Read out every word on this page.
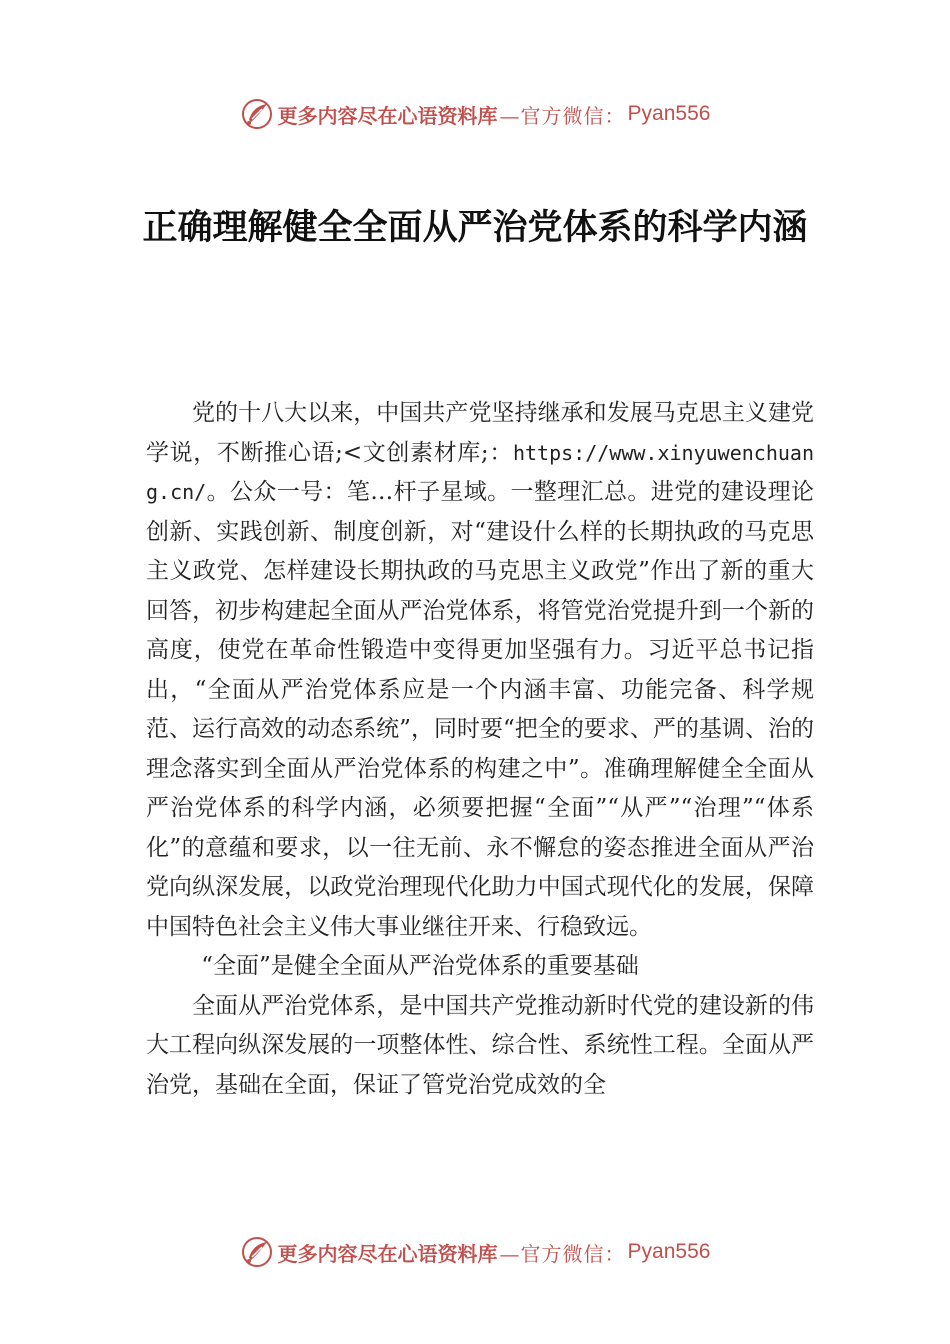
更多内容尽在心语资料库 —官方微信： Pyan556
正确理解健全全面从严治党体系的科学内涵

党的十八大以来，中国共产党坚持继承和发展马克思主义建党学说，不断推心语;<文创素材库;：https://www.xinyuwenchuang.cn/。公众一号：笔…杆子星域。一整理汇总。进党的建设理论创新、实践创新、制度创新，对“建设什么样的长期执政的马克思主义政党、怎样建设长期执政的马克思主义政党”作出了新的重大回答，初步构建起全面从严治党体系，将管党治党提升到一个新的高度，使党在革命性锻造中变得更加坚强有力。习近平总书记指出，“全面从严治党体系应是一个内涵丰富、功能完备、科学规范、运行高效的动态系统”，同时要“把全的要求、严的基调、治的理念落实到全面从严治党体系的构建之中”。准确理解健全全面从严治党体系的科学内涵，必须要把握“全面”“从严”“治理”“体系化”的意蕴和要求，以一往无前、永不懈怠的姿态推进全面从严治党向纵深发展，以政党治理现代化助力中国式现代化的发展，保障中国特色社会主义伟大事业继往开来、行稳致远。

“全面”是健全全面从严治党体系的重要基础

全面从严治党体系，是中国共产党推动新时代党的建设新的伟大工程向纵深发展的一项整体性、综合性、系统性工程。全面从严治党，基础在全面，保证了管党治党成效的全

更多内容尽在心语资料库 —官方微信： Pyan556
